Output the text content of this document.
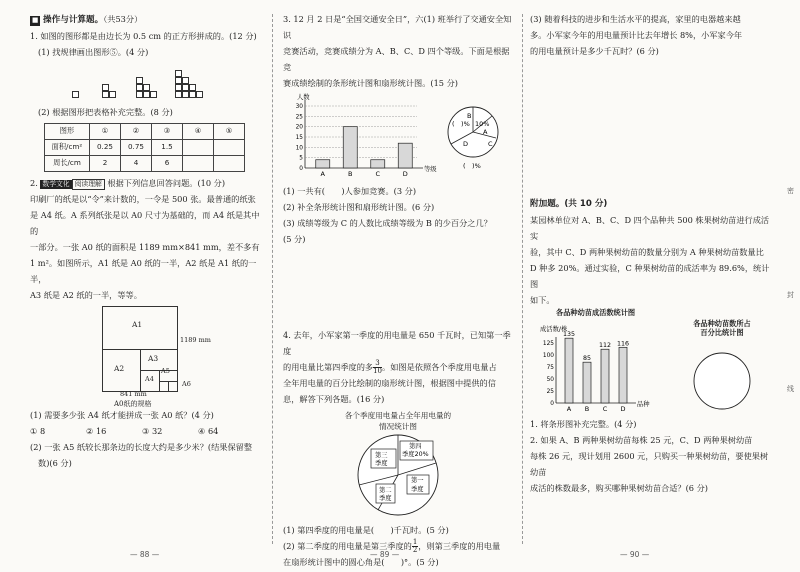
■ 操作与计算题。（共53分）

1. 如图的图形都是由边长为 0.5 cm 的正方形拼成的。(12 分)

(1) 找规律画出图形⑤。(4 分)

(2) 根据图形把表格补充完整。(8 分)

图形	①	②	③	④	⑤
面积/cm²	0.25	0.75	1.5		
周长/cm	2	4	6		

2. 数学文化 阅读理解 根据下列信息回答问题。(10 分)

印刷厂的纸是以“令”来计数的，一令是 500 张。最普通的纸张

是 A4 纸。A 系列纸张是以 A0 尺寸为基础的，而 A4 纸是其中的

一部分。一张 A0 纸的面积是 1189 mm×841 mm，差不多有

1 m²。如图所示，A1 纸是 A0 纸的一半，A2 纸是 A1 纸的一半，

A3 纸是 A2 纸的一半，等等。

A1
A2
A3
A4
A5
A6
1189 mm
841 mm
A0纸的规格

(1) 需要多少张 A4 纸才能拼成一张 A0 纸？(4 分)

① 8	② 16	③ 32	④ 64

(2) 一张 A5 纸较长那条边的长度大约是多少米？(结果保留整

数)(6 分)

— 88 —

3. 12 月 2 日是“全国交通安全日”，六(1) 班举行了交通安全知识

竞赛活动，竞赛成绩分为 A、B、C、D 四个等级。下面是根据竞

赛成绩绘制的条形统计图和扇形统计图。(15 分)

0
5
10
15
20
25
30
人数
等级
A	B	C	D
(　)%
B
A
10%
(　)%
D	C

(1) 一共有(　　)人参加竞赛。(3 分)

(2) 补全条形统计图和扇形统计图。(6 分)

(3) 成绩等级为 C 的人数比成绩等级为 B 的少百分之几？

(5 分)

4. 去年，小军家第一季度的用电量是 650 千瓦时，已知第一季度

的用电量比第四季度的多 $\frac{3}{10}$ 。如图是依照各个季度用电量占

全年用电量的百分比绘制的扇形统计图，根据图中提供的信

息，解答下列各题。(16 分)

各个季度用电量占全年用电量的
情况统计图

第三季度
第四季度20%
第一季度
第二季度

(1) 第四季度的用电量是(　　)千瓦时。(5 分)

(2) 第二季度的用电量是第三季度的 $\frac{1}{2}$ ，则第三季度的用电量

在扇形统计图中的圆心角是(　　)°。(5 分)

— 89 —

(3) 随着科技的进步和生活水平的提高，家里的电器越来越

多。小军家今年的用电量预计比去年增长 8%，小军家今年

的用电量预计是多少千瓦时？(6 分)

附加题。(共 10 分)

某园林单位对 A、B、C、D 四个品种共 500 株果树幼苗进行成活实

验，其中 C、D 两种果树幼苗的数量分别为 A 种果树幼苗数量比

D 种多 20%。通过实验，C 种果树幼苗的成活率为 89.6%，统计图

如下。

各品种幼苗成活数统计图

0
25
50
75
100
125
成活数/株
品种
135
A
85
B
112
C
116
D

各品种幼苗数所占
百分比统计图

1. 将条形图补充完整。(4 分)

2. 如果 A、B 两种果树幼苗每株 25 元，C、D 两种果树幼苗

每株 26 元，现计划用 2600 元，只购买一种果树幼苗，要使果树幼苗

成活的株数最多，购买哪种果树幼苗合适？(6 分)

— 90 —
密
封
线
